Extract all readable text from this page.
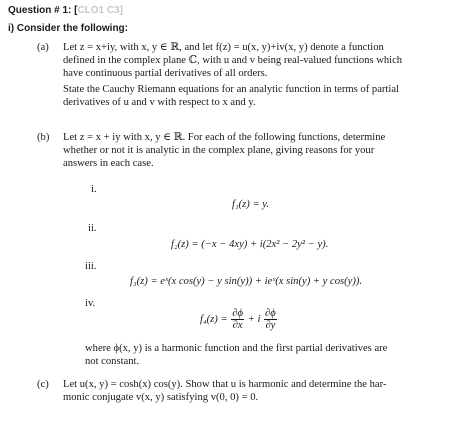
Question # 1: [CLO1 C3]
i) Consider the following:
(a) Let z = x+iy, with x, y ∈ ℝ, and let f(z) = u(x, y)+iv(x, y) denote a function
defined in the complex plane ℂ, with u and v being real-valued functions which
have continuous partial derivatives of all orders.
State the Cauchy Riemann equations for an analytic function in terms of partial
derivatives of u and v with respect to x and y.
(b) Let z = x + iy with x, y ∈ ℝ. For each of the following functions, determine
whether or not it is analytic in the complex plane, giving reasons for your
answers in each case.
i.
f₁(z) = y.
ii.
f₂(z) = (−x − 4xy) + i(2x² − 2y² − y).
iii.
f₃(z) = eˣ(x cos(y) − y sin(y)) + ieˣ(x sin(y) + y cos(y)).
iv.
$f_4(z) = \frac{\partial\phi}{\partial x} + i \frac{\partial\phi}{\partial y}$
where ϕ(x, y) is a harmonic function and the first partial derivatives are
not constant.
(c) Let u(x, y) = cosh(x) cos(y). Show that u is harmonic and determine the har-
monic conjugate v(x, y) satisfying v(0, 0) = 0.
